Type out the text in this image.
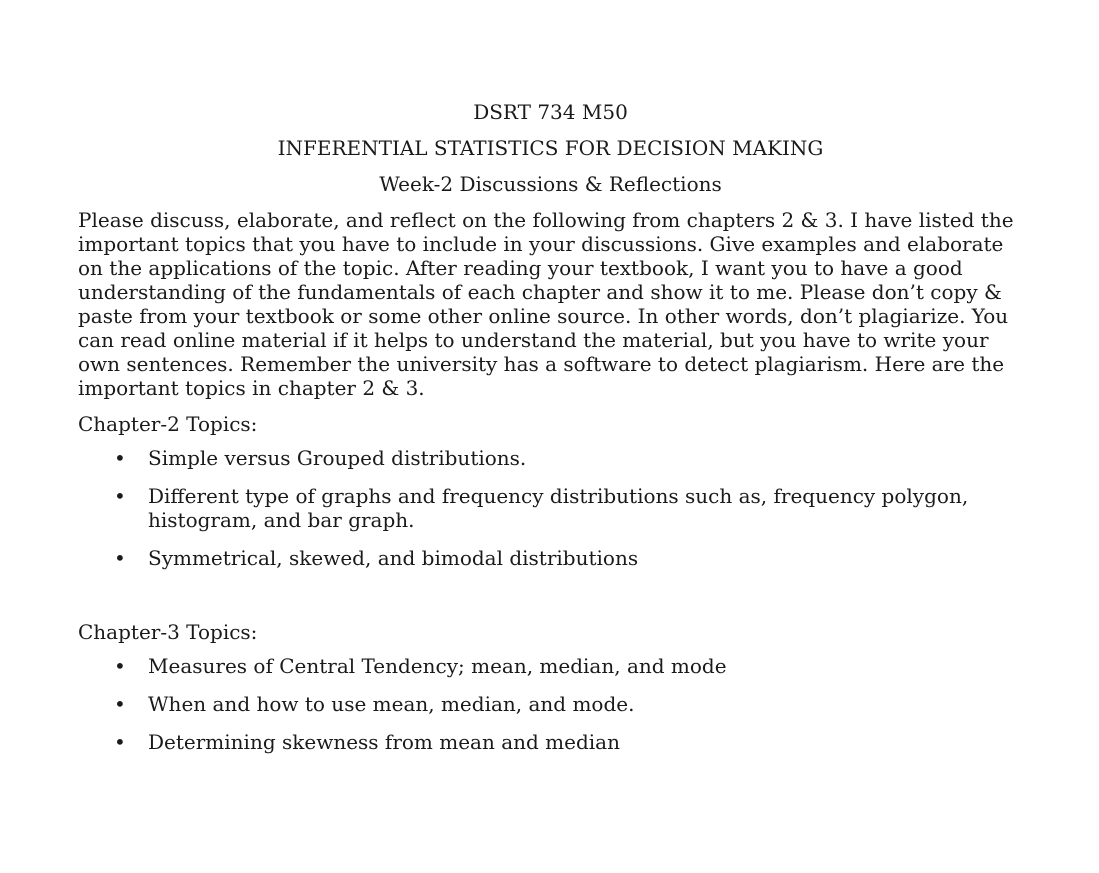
DSRT 734 M50

INFERENTIAL STATISTICS FOR DECISION MAKING

Week-2 Discussions & Reflections

Please discuss, elaborate, and reflect on the following from chapters 2 & 3. I have listed the important topics that you have to include in your discussions. Give examples and elaborate on the applications of the topic. After reading your textbook, I want you to have a good understanding of the fundamentals of each chapter and show it to me. Please don’t copy & paste from your textbook or some other online source. In other words, don’t plagiarize. You can read online material if it helps to understand the material, but you have to write your own sentences. Remember the university has a software to detect plagiarism. Here are the important topics in chapter 2 & 3.

Chapter-2 Topics:

• Simple versus Grouped distributions.
• Different type of graphs and frequency distributions such as, frequency polygon, histogram, and bar graph.
• Symmetrical, skewed, and bimodal distributions

Chapter-3 Topics:

• Measures of Central Tendency; mean, median, and mode
• When and how to use mean, median, and mode.
• Determining skewness from mean and median
